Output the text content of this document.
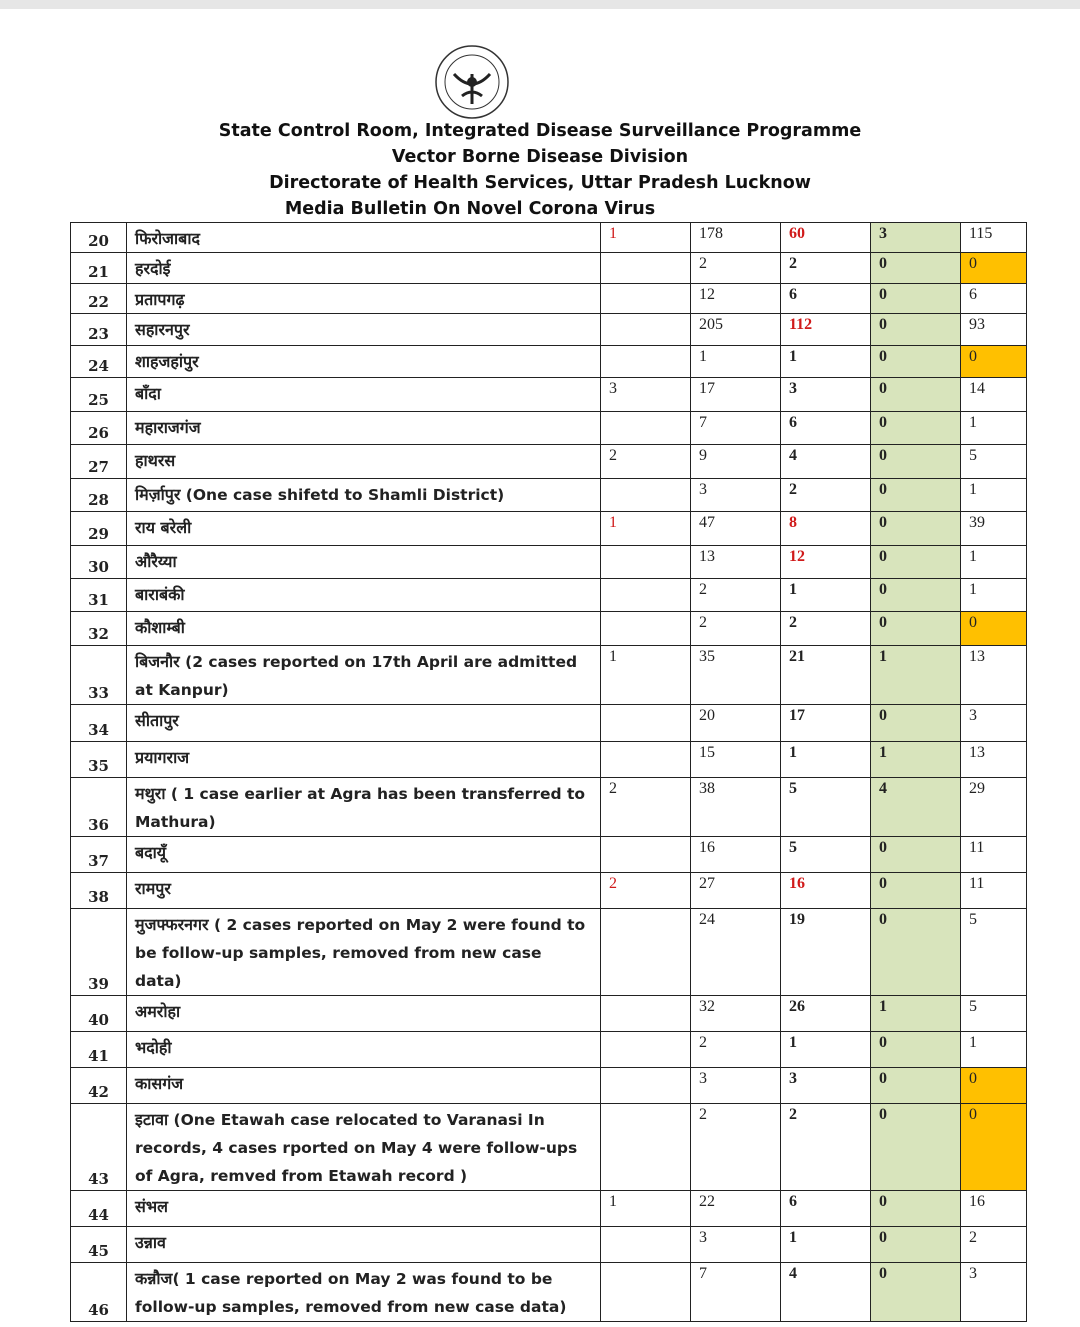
State Control Room, Integrated Disease Surveillance Programme
Vector Borne Disease Division
Directorate of Health Services, Uttar Pradesh Lucknow
Media Bulletin On Novel Corona Virus
20	फिरोजाबाद	1	178	60	3	115
21	हरदोई		2	2	0	0
22	प्रतापगढ़		12	6	0	6
23	सहारनपुर		205	112	0	93
24	शाहजहांपुर		1	1	0	0
25	बाँदा	3	17	3	0	14
26	महाराजगंज		7	6	0	1
27	हाथरस	2	9	4	0	5
28	मिर्ज़ापुर (One case shifetd to Shamli District)		3	2	0	1
29	राय बरेली	1	47	8	0	39
30	औरैय्या		13	12	0	1
31	बाराबंकी		2	1	0	1
32	कौशाम्बी		2	2	0	0
33	बिजनौर (2 cases reported on 17th April are admitted at Kanpur)	1	35	21	1	13
34	सीतापुर		20	17	0	3
35	प्रयागराज		15	1	1	13
36	मथुरा ( 1 case earlier at Agra has been transferred to Mathura)	2	38	5	4	29
37	बदायूँ		16	5	0	11
38	रामपुर	2	27	16	0	11
39	मुजफ्फरनगर ( 2 cases reported on May 2 were found to be follow-up samples, removed from new case data)		24	19	0	5
40	अमरोहा		32	26	1	5
41	भदोही		2	1	0	1
42	कासगंज		3	3	0	0
43	इटावा (One Etawah case relocated to Varanasi In records, 4 cases rported on May 4 were follow-ups of Agra, remved from Etawah record )		2	2	0	0
44	संभल	1	22	6	0	16
45	उन्नाव		3	1	0	2
46	कन्नौज( 1 case reported on May 2 was found to be follow-up samples, removed from new case data)		7	4	0	3
